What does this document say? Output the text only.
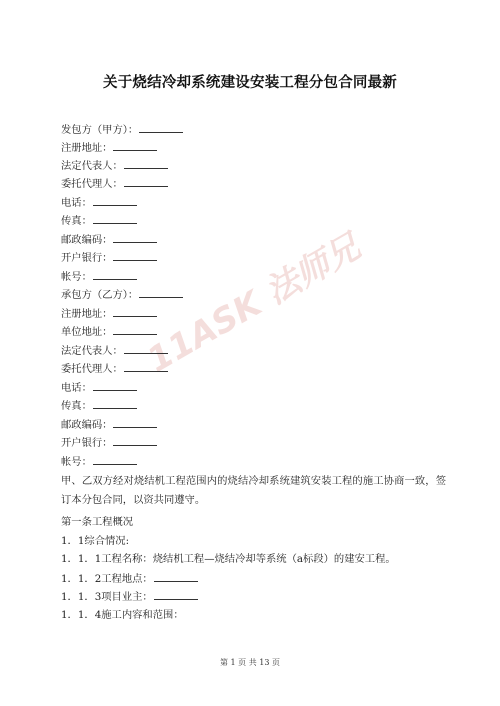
11ASK 法师兄
关于烧结冷却系统建设安装工程分包合同最新
发包方（甲方）：
注册地址：
法定代表人：
委托代理人：
电话：
传真：
邮政编码：
开户银行：
帐号：
承包方（乙方）：
注册地址：
单位地址：
法定代表人：
委托代理人：
电话：
传真：
邮政编码：
开户银行：
帐号：
甲、乙双方经对烧结机工程范围内的烧结冷却系统建筑安装工程的施工协商一致，签订本分包合同，以资共同遵守。
第一条工程概况
1．1综合情况:
1．1．1工程名称：烧结机工程—烧结冷却等系统（a标段）的建安工程。
1．1．2工程地点：
1．1．3项目业主：
1．1．4施工内容和范围：
第 1 页 共 13 页
